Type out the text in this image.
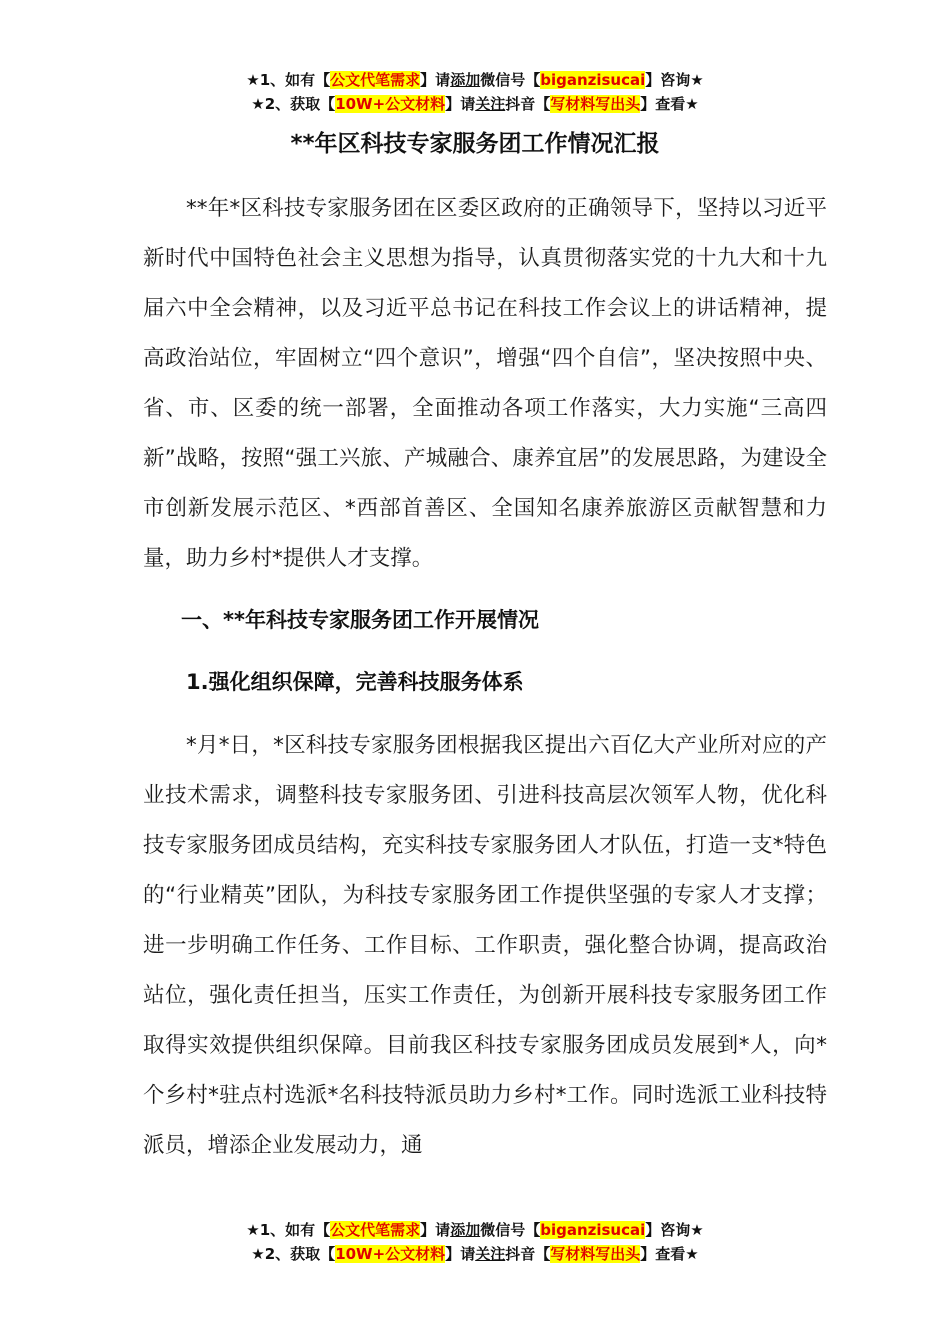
★1、如有【公文代笔需求】请添加微信号【biganzisucai】咨询★
★2、获取【10W+公文材料】请关注抖音【写材料写出头】查看★
**年区科技专家服务团工作情况汇报

**年*区科技专家服务团在区委区政府的正确领导下，坚持以习近平新时代中国特色社会主义思想为指导，认真贯彻落实党的十九大和十九届六中全会精神，以及习近平总书记在科技工作会议上的讲话精神，提高政治站位，牢固树立“四个意识”，增强“四个自信”，坚决按照中央、省、市、区委的统一部署，全面推动各项工作落实，大力实施“三高四新”战略，按照“强工兴旅、产城融合、康养宜居”的发展思路，为建设全市创新发展示范区、*西部首善区、全国知名康养旅游区贡献智慧和力量，助力乡村*提供人才支撑。

一、**年科技专家服务团工作开展情况
1.强化组织保障，完善科技服务体系

*月*日，*区科技专家服务团根据我区提出六百亿大产业所对应的产业技术需求，调整科技专家服务团、引进科技高层次领军人物，优化科技专家服务团成员结构，充实科技专家服务团人才队伍，打造一支*特色的“行业精英”团队，为科技专家服务团工作提供坚强的专家人才支撑；进一步明确工作任务、工作目标、工作职责，强化整合协调，提高政治站位，强化责任担当，压实工作责任，为创新开展科技专家服务团工作取得实效提供组织保障。目前我区科技专家服务团成员发展到*人，向*个乡村*驻点村选派*名科技特派员助力乡村*工作。同时选派工业科技特派员，增添企业发展动力，通

★1、如有【公文代笔需求】请添加微信号【biganzisucai】咨询★
★2、获取【10W+公文材料】请关注抖音【写材料写出头】查看★
